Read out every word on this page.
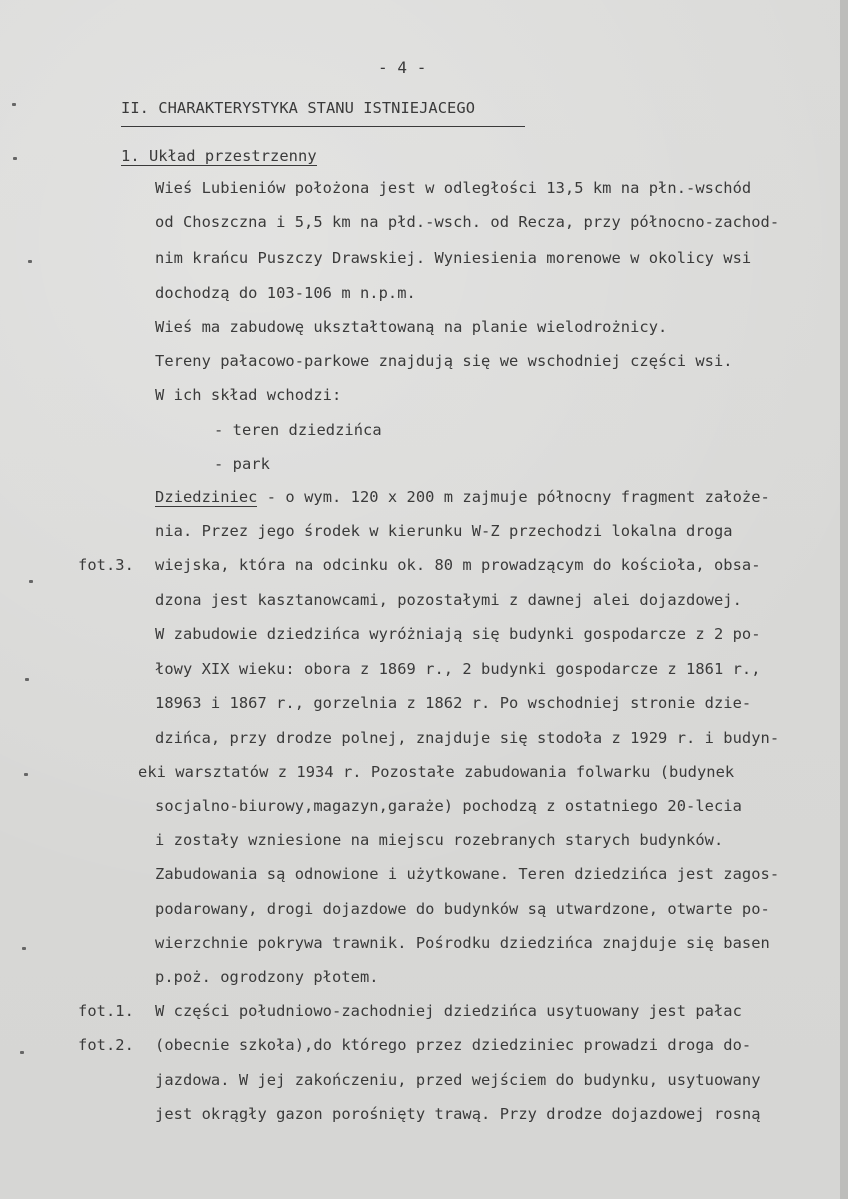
- 4 -
II. CHARAKTERYSTYKA STANU ISTNIEJACEGO
1. Układ przestrzenny
Wieś Lubieniów położona jest w odległości 13,5 km na płn.-wschód
od Choszczna i 5,5 km na płd.-wsch. od Recza, przy północno-zachod-
nim krańcu Puszczy Drawskiej. Wyniesienia morenowe w okolicy wsi
dochodzą do 103-106 m n.p.m.
Wieś ma zabudowę ukształtowaną na planie wielodrożnicy.
Tereny pałacowo-parkowe znajdują się we wschodniej części wsi.
W ich skład wchodzi:
- teren dziedzińca
- park
Dziedziniec - o wym. 120 x 200 m zajmuje północny fragment założe-
nia. Przez jego środek w kierunku W-Z przechodzi lokalna droga
wiejska, która na odcinku ok. 80 m prowadzącym do kościoła, obsa-
dzona jest kasztanowcami, pozostałymi z dawnej alei dojazdowej.
W zabudowie dziedzińca wyróżniają się budynki gospodarcze z 2 po-
łowy XIX wieku: obora z 1869 r., 2 budynki gospodarcze z 1861 r.,
18963 i 1867 r., gorzelnia z 1862 r. Po wschodniej stronie dzie-
dzińca, przy drodze polnej, znajduje się stodoła z 1929 r. i budyn-
eki warsztatów z 1934 r. Pozostałe zabudowania folwarku (budynek
socjalno-biurowy,magazyn,garaże) pochodzą z ostatniego 20-lecia
i zostały wzniesione na miejscu rozebranych starych budynków.
Zabudowania są odnowione i użytkowane. Teren dziedzińca jest zagos-
podarowany, drogi dojazdowe do budynków są utwardzone, otwarte po-
wierzchnie pokrywa trawnik. Pośrodku dziedzińca znajduje się basen
p.poż. ogrodzony płotem.
W części południowo-zachodniej dziedzińca usytuowany jest pałac
(obecnie szkoła),do którego przez dziedziniec prowadzi droga do-
jazdowa. W jej zakończeniu, przed wejściem do budynku, usytuowany
jest okrągły gazon porośnięty trawą. Przy drodze dojazdowej rosną
fot.3.
fot.1.
fot.2.
